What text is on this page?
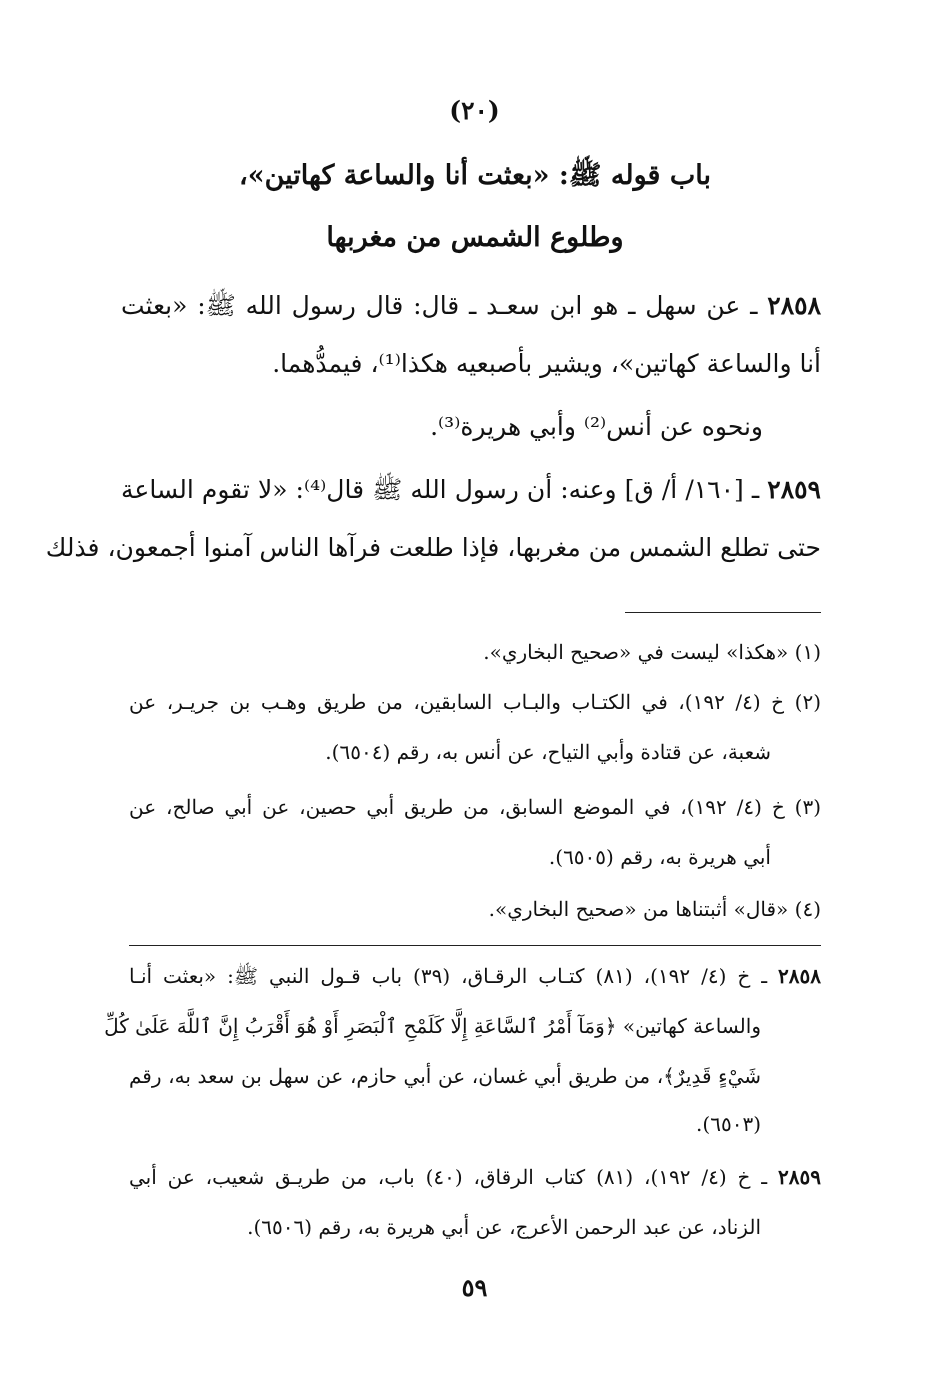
(٢٠)
باب قوله ﷺ: «بعثت أنا والساعة كهاتين»،
وطلوع الشمس من مغربها
٢٨٥٨ ـ عن سهل ـ هو ابن سعـد ـ قال: قال رسول الله ﷺ: «بعثت
أنا والساعة كهاتين»، ويشير بأصبعيه هكذا⁽¹⁾، فيمدُّهما.
ونحوه عن أنس⁽²⁾ وأبي هريرة⁽³⁾.
٢٨٥٩ ـ [١٦٠/ أ/ ق] وعنه: أن رسول الله ﷺ قال⁽⁴⁾: «لا تقوم الساعة
حتى تطلع الشمس من مغربها، فإذا طلعت فرآها الناس آمنوا أجمعون، فذلك
(١) «هكذا» ليست في «صحيح البخاري».
(٢) خ (٤/ ١٩٢)، في الكتـاب والبـاب السابقين، من طريق وهـب بن جريـر، عن
شعبة، عن قتادة وأبي التياح، عن أنس به، رقم (٦٥٠٤).
(٣) خ (٤/ ١٩٢)، في الموضع السابق، من طريق أبي حصين، عن أبي صالح، عن
أبي هريرة به، رقم (٦٥٠٥).
(٤) «قال» أثبتناها من «صحيح البخاري».
٢٨٥٨ ـ خ (٤/ ١٩٢)، (٨١) كتـاب الرقـاق، (٣٩) باب قـول النبي ﷺ: «بعثت أنـا
والساعة كهاتين» ﴿وَمَآ أَمْرُ ٱلسَّاعَةِ إِلَّا كَلَمْحِ ٱلْبَصَرِ أَوْ هُوَ أَقْرَبُ إِنَّ ٱللَّهَ عَلَىٰ كُلِّ
شَيْءٍ قَدِيرٌ﴾، من طريق أبي غسان، عن أبي حازم، عن سهل بن سعد به، رقم
(٦٥٠٣).
٢٨٥٩ ـ خ (٤/ ١٩٢)، (٨١) كتاب الرقاق، (٤٠) باب، من طريـق شعيب، عن أبي
الزناد، عن عبد الرحمن الأعرج، عن أبي هريرة به، رقم (٦٥٠٦).
٥٩
